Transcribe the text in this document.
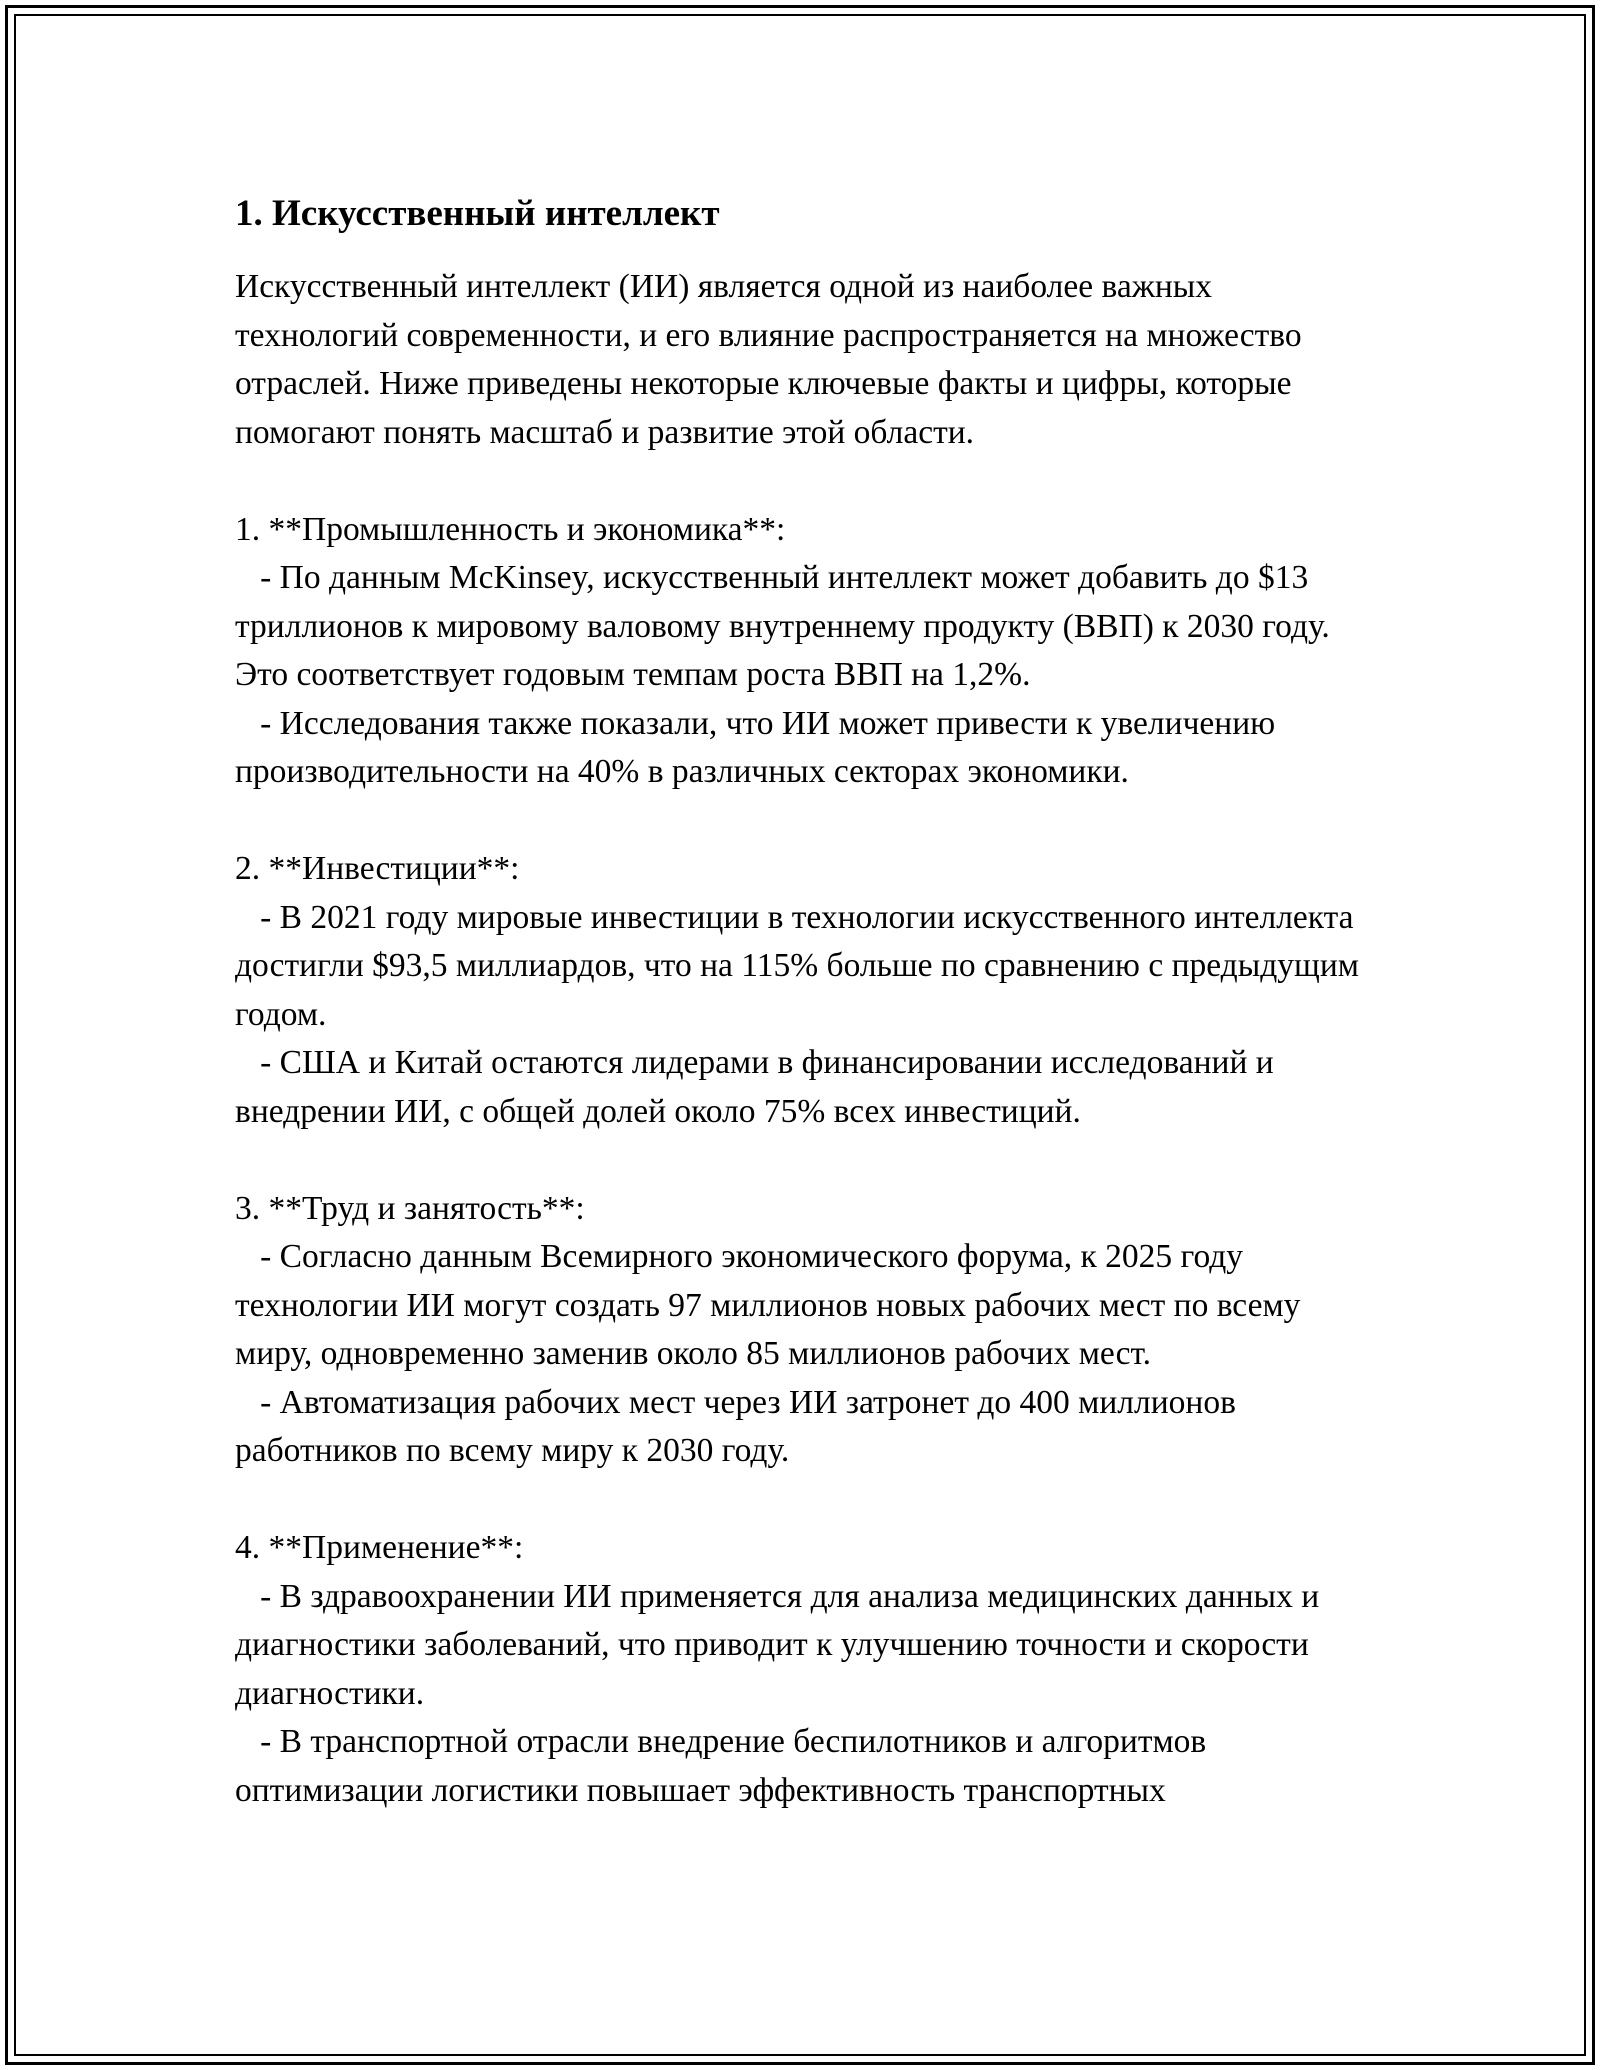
1. Искусственный интеллект

Искусственный интеллект (ИИ) является одной из наиболее важных технологий современности, и его влияние распространяется на множество отраслей. Ниже приведены некоторые ключевые факты и цифры, которые помогают понять масштаб и развитие этой области.

1. **Промышленность и экономика**:

- По данным McKinsey, искусственный интеллект может добавить до $13 триллионов к мировому валовому внутреннему продукту (ВВП) к 2030 году. Это соответствует годовым темпам роста ВВП на 1,2%.

- Исследования также показали, что ИИ может привести к увеличению производительности на 40% в различных секторах экономики.

2. **Инвестиции**:

- В 2021 году мировые инвестиции в технологии искусственного интеллекта достигли $93,5 миллиардов, что на 115% больше по сравнению с предыдущим годом.

- США и Китай остаются лидерами в финансировании исследований и внедрении ИИ, с общей долей около 75% всех инвестиций.

3. **Труд и занятость**:

- Согласно данным Всемирного экономического форума, к 2025 году технологии ИИ могут создать 97 миллионов новых рабочих мест по всему миру, одновременно заменив около 85 миллионов рабочих мест.

- Автоматизация рабочих мест через ИИ затронет до 400 миллионов работников по всему миру к 2030 году.

4. **Применение**:

- В здравоохранении ИИ применяется для анализа медицинских данных и диагностики заболеваний, что приводит к улучшению точности и скорости диагностики.

- В транспортной отрасли внедрение беспилотников и алгоритмов оптимизации логистики повышает эффективность транспортных
